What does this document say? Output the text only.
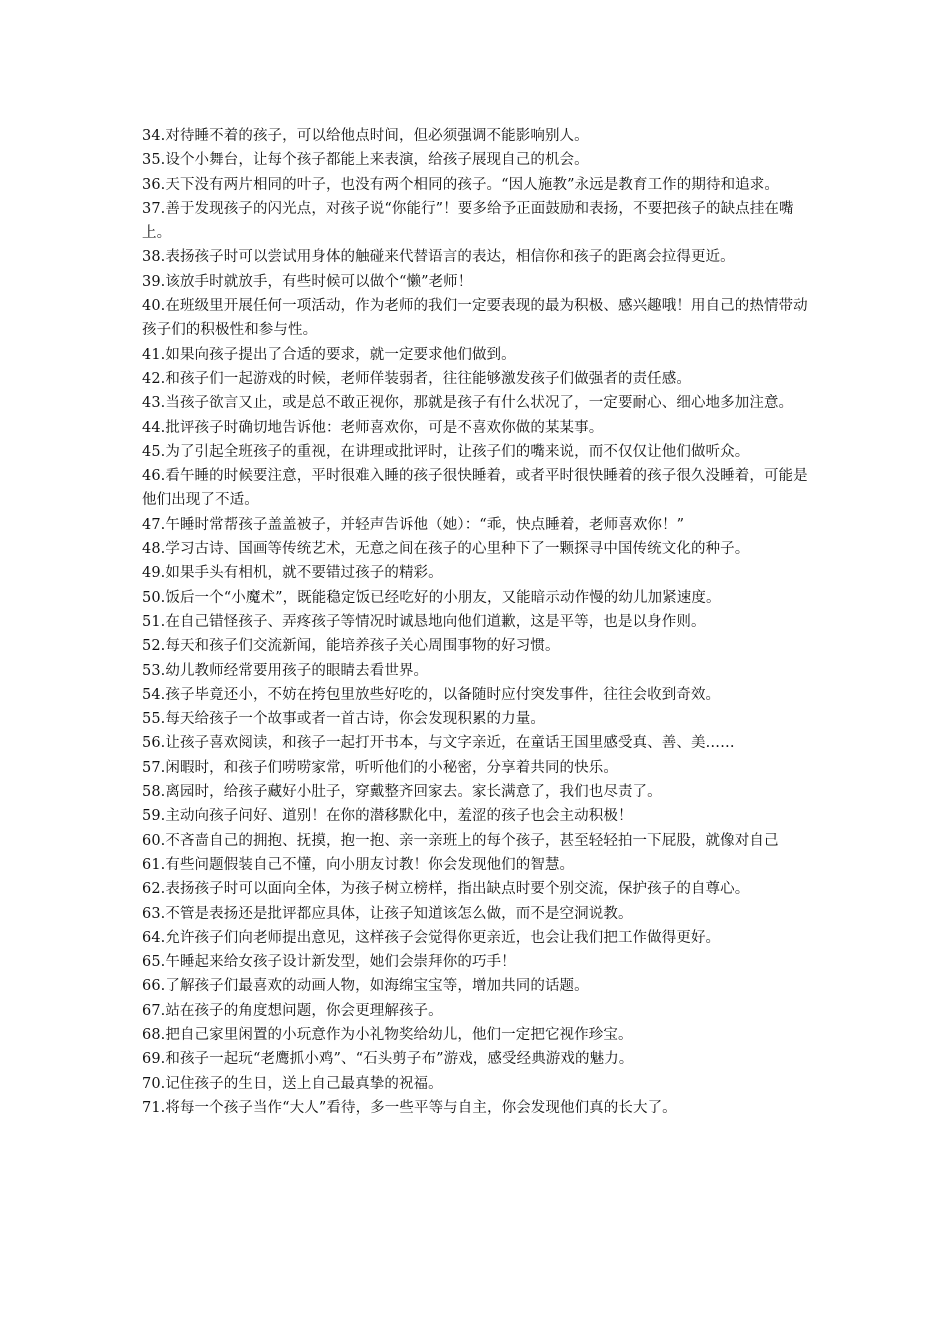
34.对待睡不着的孩子，可以给他点时间，但必须强调不能影响别人。

35.设个小舞台，让每个孩子都能上来表演，给孩子展现自己的机会。

36.天下没有两片相同的叶子，也没有两个相同的孩子。“因人施教”永远是教育工作的期待和追求。

37.善于发现孩子的闪光点，对孩子说“你能行”！要多给予正面鼓励和表扬，不要把孩子的缺点挂在嘴上。

38.表扬孩子时可以尝试用身体的触碰来代替语言的表达，相信你和孩子的距离会拉得更近。

39.该放手时就放手，有些时候可以做个“懒”老师！

40.在班级里开展任何一项活动，作为老师的我们一定要表现的最为积极、感兴趣哦！用自己的热情带动孩子们的积极性和参与性。

41.如果向孩子提出了合适的要求，就一定要求他们做到。

42.和孩子们一起游戏的时候，老师佯装弱者，往往能够激发孩子们做强者的责任感。

43.当孩子欲言又止，或是总不敢正视你，那就是孩子有什么状况了，一定要耐心、细心地多加注意。

44.批评孩子时确切地告诉他：老师喜欢你，可是不喜欢你做的某某事。

45.为了引起全班孩子的重视，在讲理或批评时，让孩子们的嘴来说，而不仅仅让他们做听众。

46.看午睡的时候要注意，平时很难入睡的孩子很快睡着，或者平时很快睡着的孩子很久没睡着，可能是他们出现了不适。

47.午睡时常帮孩子盖盖被子，并轻声告诉他（她）：“乖，快点睡着，老师喜欢你！”

48.学习古诗、国画等传统艺术，无意之间在孩子的心里种下了一颗探寻中国传统文化的种子。

49.如果手头有相机，就不要错过孩子的精彩。

50.饭后一个“小魔术”，既能稳定饭已经吃好的小朋友，又能暗示动作慢的幼儿加紧速度。

51.在自己错怪孩子、弄疼孩子等情况时诚恳地向他们道歉，这是平等，也是以身作则。

52.每天和孩子们交流新闻，能培养孩子关心周围事物的好习惯。

53.幼儿教师经常要用孩子的眼睛去看世界。

54.孩子毕竟还小，不妨在挎包里放些好吃的，以备随时应付突发事件，往往会收到奇效。

55.每天给孩子一个故事或者一首古诗，你会发现积累的力量。

56.让孩子喜欢阅读，和孩子一起打开书本，与文字亲近，在童话王国里感受真、善、美……

57.闲暇时，和孩子们唠唠家常，听听他们的小秘密，分享着共同的快乐。

58.离园时，给孩子藏好小肚子，穿戴整齐回家去。家长满意了，我们也尽责了。

59.主动向孩子问好、道别！在你的潜移默化中，羞涩的孩子也会主动积极！

60.不吝啬自己的拥抱、抚摸，抱一抱、亲一亲班上的每个孩子，甚至轻轻拍一下屁股，就像对自己

61.有些问题假装自己不懂，向小朋友讨教！你会发现他们的智慧。

62.表扬孩子时可以面向全体，为孩子树立榜样，指出缺点时要个别交流，保护孩子的自尊心。

63.不管是表扬还是批评都应具体，让孩子知道该怎么做，而不是空洞说教。

64.允许孩子们向老师提出意见，这样孩子会觉得你更亲近，也会让我们把工作做得更好。

65.午睡起来给女孩子设计新发型，她们会崇拜你的巧手！

66.了解孩子们最喜欢的动画人物，如海绵宝宝等，增加共同的话题。

67.站在孩子的角度想问题，你会更理解孩子。

68.把自己家里闲置的小玩意作为小礼物奖给幼儿，他们一定把它视作珍宝。

69.和孩子一起玩“老鹰抓小鸡”、“石头剪子布”游戏，感受经典游戏的魅力。

70.记住孩子的生日，送上自己最真挚的祝福。

71.将每一个孩子当作“大人”看待，多一些平等与自主，你会发现他们真的长大了。
